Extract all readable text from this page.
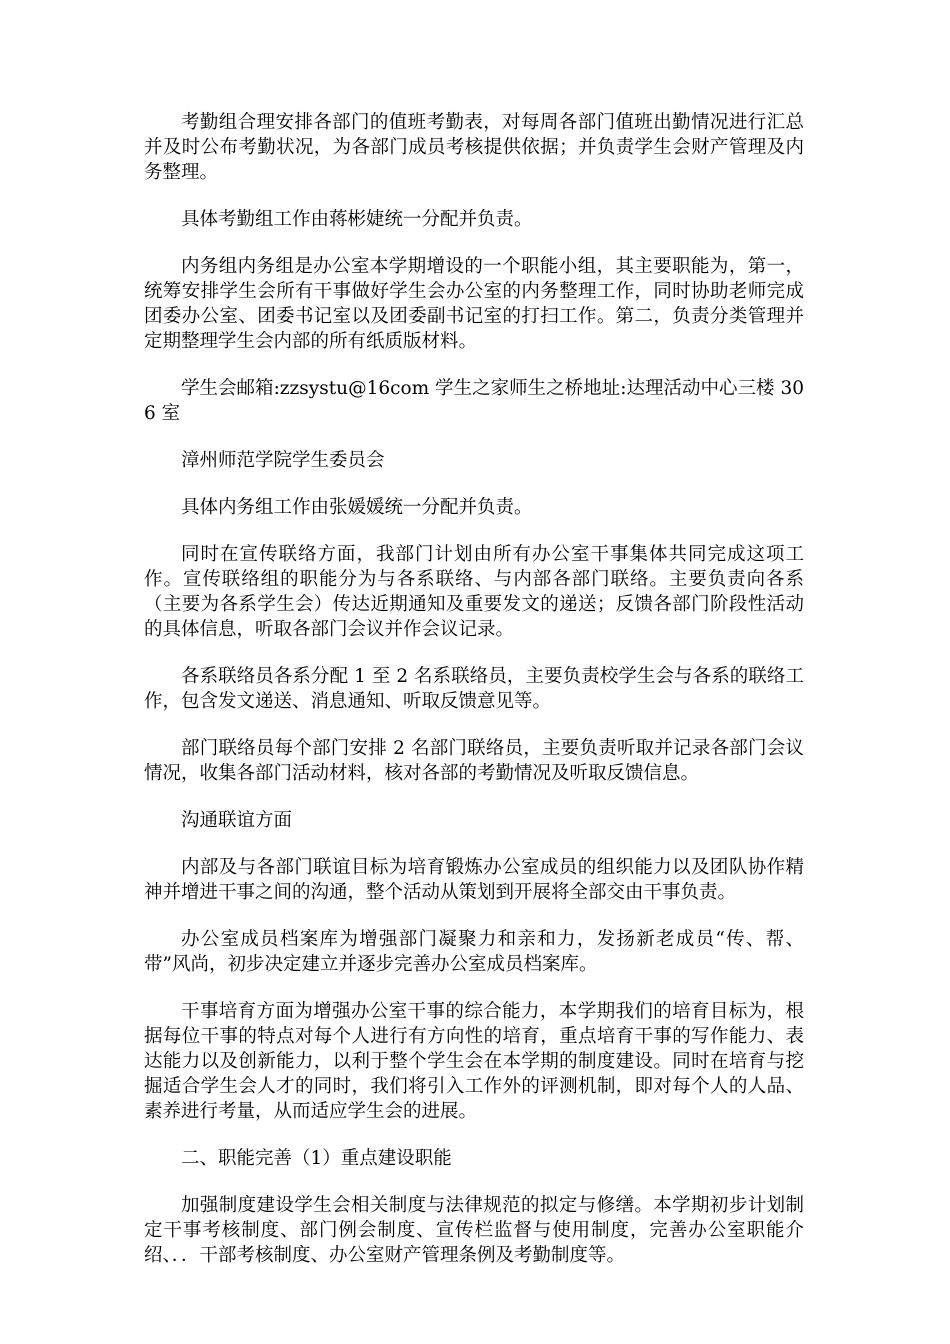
考勤组合理安排各部门的值班考勤表，对每周各部门值班出勤情况进行汇总并及时公布考勤状况，为各部门成员考核提供依据；并负责学生会财产管理及内务整理。

具体考勤组工作由蒋彬婕统一分配并负责。

内务组内务组是办公室本学期增设的一个职能小组，其主要职能为，第一，统筹安排学生会所有干事做好学生会办公室的内务整理工作，同时协助老师完成团委办公室、团委书记室以及团委副书记室的打扫工作。第二，负责分类管理并定期整理学生会内部的所有纸质版材料。

学生会邮箱:zzsystu@16com 学生之家师生之桥地址:达理活动中心三楼 306 室

漳州师范学院学生委员会

具体内务组工作由张媛媛统一分配并负责。

同时在宣传联络方面，我部门计划由所有办公室干事集体共同完成这项工作。宣传联络组的职能分为与各系联络、与内部各部门联络。主要负责向各系（主要为各系学生会）传达近期通知及重要发文的递送；反馈各部门阶段性活动的具体信息，听取各部门会议并作会议记录。

各系联络员各系分配 1 至 2 名系联络员，主要负责校学生会与各系的联络工作，包含发文递送、消息通知、听取反馈意见等。

部门联络员每个部门安排 2 名部门联络员，主要负责听取并记录各部门会议情况，收集各部门活动材料，核对各部的考勤情况及听取反馈信息。

沟通联谊方面

内部及与各部门联谊目标为培育锻炼办公室成员的组织能力以及团队协作精神并增进干事之间的沟通，整个活动从策划到开展将全部交由干事负责。

办公室成员档案库为增强部门凝聚力和亲和力，发扬新老成员“传、帮、带”风尚，初步决定建立并逐步完善办公室成员档案库。

干事培育方面为增强办公室干事的综合能力，本学期我们的培育目标为，根据每位干事的特点对每个人进行有方向性的培育，重点培育干事的写作能力、表达能力以及创新能力，以利于整个学生会在本学期的制度建设。同时在培育与挖掘适合学生会人才的同时，我们将引入工作外的评测机制，即对每个人的人品、素养进行考量，从而适应学生会的进展。

二、职能完善（1）重点建设职能

加强制度建设学生会相关制度与法律规范的拟定与修缮。本学期初步计划制定干事考核制度、部门例会制度、宣传栏监督与使用制度，完善办公室职能介绍、．．干部考核制度、办公室财产管理条例及考勤制度等。
